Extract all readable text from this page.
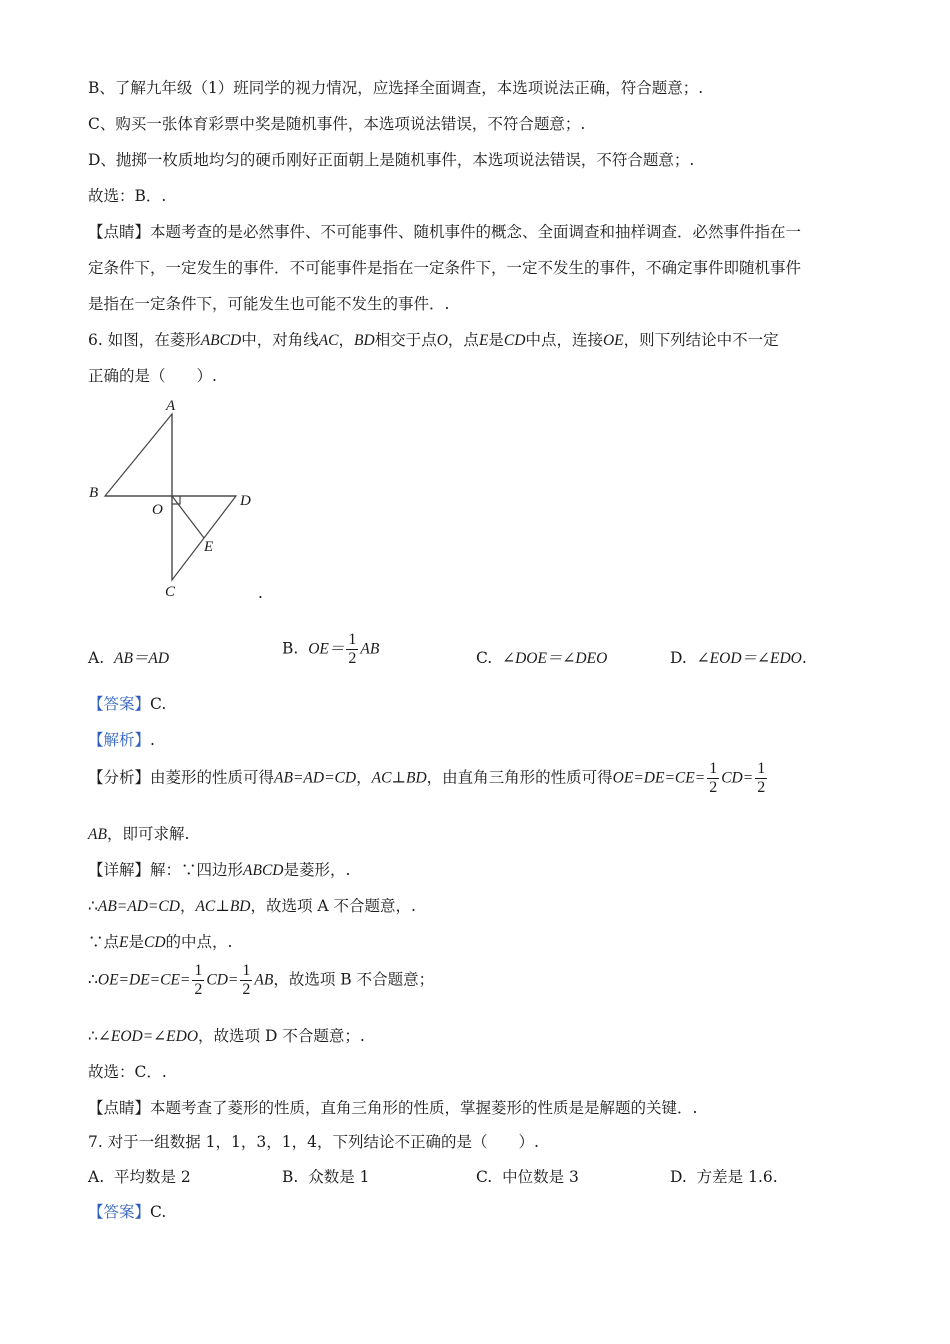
B、了解九年级（1）班同学的视力情况，应选择全面调查，本选项说法正确，符合题意；.
C、购买一张体育彩票中奖是随机事件，本选项说法错误，不符合题意；.
D、抛掷一枚质地均匀的硬币刚好正面朝上是随机事件，本选项说法错误，不符合题意；.
故选：B．.
【点睛】本题考查的是必然事件、不可能事件、随机事件的概念、全面调查和抽样调查．必然事件指在一
定条件下，一定发生的事件．不可能事件是指在一定条件下，一定不发生的事件，不确定事件即随机事件
是指在一定条件下，可能发生也可能不发生的事件．.
6. 如图，在菱形ABCD中，对角线AC，BD相交于点O，点E是CD中点，连接OE，则下列结论中不一定
正确的是（　　）.
A
B	D
O
E
C	.
A. AB＝AD
B. $OE= \frac{1}{2}$ AB	C. ∠DOE＝∠DEO	D. ∠EOD＝∠EDO.
【答案】C.
【解析】.
【分析】由菱形的性质可得AB=AD=CD，AC⊥BD，由直角三角形的性质可得$OE=DE=CE= \frac{1}{2} CD= \frac{1}{2}$
AB，即可求解.
【详解】解：∵四边形ABCD是菱形，.
∴AB=AD=CD，AC⊥BD，故选项 A 不合题意，.
∵点E是CD的中点，.
∴OE=DE=CE= $\frac{1}{2} CD= \frac{1}{2}$ AB，故选项 B 不合题意；
∴∠EOD=∠EDO，故选项 D 不合题意；.
故选：C．.
【点睛】本题考查了菱形的性质，直角三角形的性质，掌握菱形的性质是是解题的关键．.
7. 对于一组数据 1，1，3，1，4，下列结论不正确的是（　　）.
A. 平均数是 2	B. 众数是 1	C. 中位数是 3	D. 方差是 1.6.
【答案】C.
